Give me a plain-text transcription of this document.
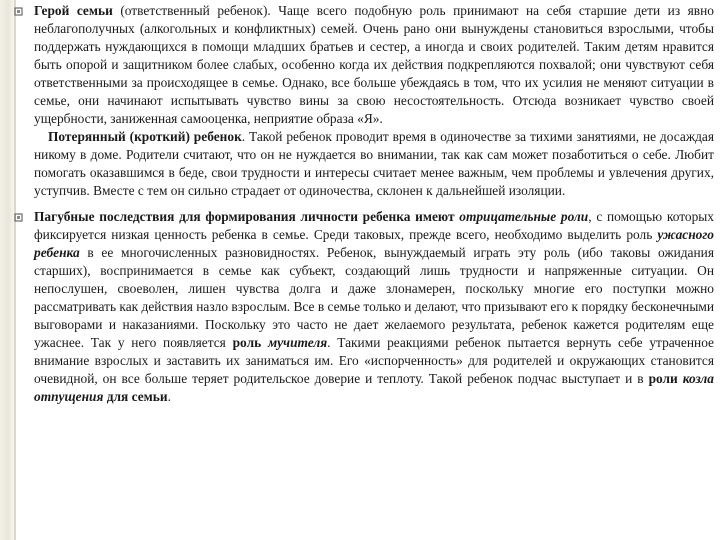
Герой семьи (ответственный ребенок). Чаще всего подобную роль принимают на себя старшие дети из явно неблагополучных (алкогольных и конфликтных) семей. Очень рано они вынуждены становиться взрослыми, чтобы поддержать нуждающихся в помощи младших братьев и сестер, а иногда и своих родителей. Таким детям нравится быть опорой и защитником более слабых, особенно когда их действия подкрепляются похвалой; они чувствуют себя ответственными за происходящее в семье. Однако, все больше убеждаясь в том, что их усилия не меняют ситуации в семье, они начинают испытывать чувство вины за свою несостоятельность. Отсюда возникает чувство своей ущербности, заниженная самооценка, неприятие образа «Я».
Потерянный (кроткий) ребенок. Такой ребенок проводит время в одиночестве за тихими занятиями, не досаждая никому в доме. Родители считают, что он не нуждается во внимании, так как сам может позаботиться о себе. Любит помогать оказавшимся в беде, свои трудности и интересы считает менее важным, чем проблемы и увлечения других, уступчив. Вместе с тем он сильно страдает от одиночества, склонен к дальнейшей изоляции.

Пагубные последствия для формирования личности ребенка имеют отрицательные роли, с помощью которых фиксируется низкая ценность ребенка в семье. Среди таковых, прежде всего, необходимо выделить роль ужасного ребенка в ее многочисленных разновидностях. Ребенок, вынуждаемый играть эту роль (ибо таковы ожидания старших), воспринимается в семье как субъект, создающий лишь трудности и напряженные ситуации. Он непослушен, своеволен, лишен чувства долга и даже злонамерен, поскольку многие его поступки можно рассматривать как действия назло взрослым. Все в семье только и делают, что призывают его к порядку бесконечными выговорами и наказаниями. Поскольку это часто не дает желаемого результата, ребенок кажется родителям еще ужаснее. Так у него появляется роль мучителя. Такими реакциями ребенок пытается вернуть себе утраченное внимание взрослых и заставить их заниматься им. Его «испорченность» для родителей и окружающих становится очевидной, он все больше теряет родительское доверие и теплоту. Такой ребенок подчас выступает и в роли козла отпущения для семьи.
